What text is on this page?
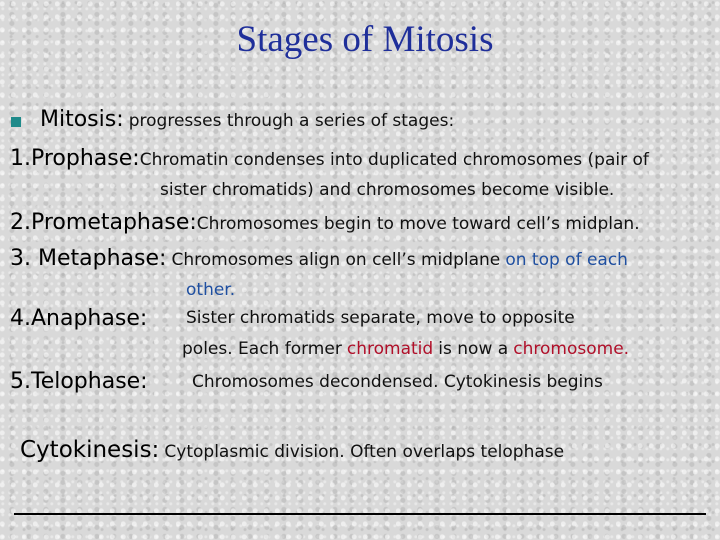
Stages of Mitosis
Mitosis: progresses through a series of stages:
1.Prophase:Chromatin condenses into duplicated chromosomes (pair of
sister chromatids) and chromosomes become visible.
2.Prometaphase:Chromosomes begin to move toward cell’s midplan.
3. Metaphase: Chromosomes align on cell’s midplane on top of each
other.
4.Anaphase: Sister chromatids separate, move to opposite
poles. Each former chromatid is now a chromosome.
5.Telophase:	Chromosomes decondensed. Cytokinesis begins
Cytokinesis: Cytoplasmic division. Often overlaps telophase
